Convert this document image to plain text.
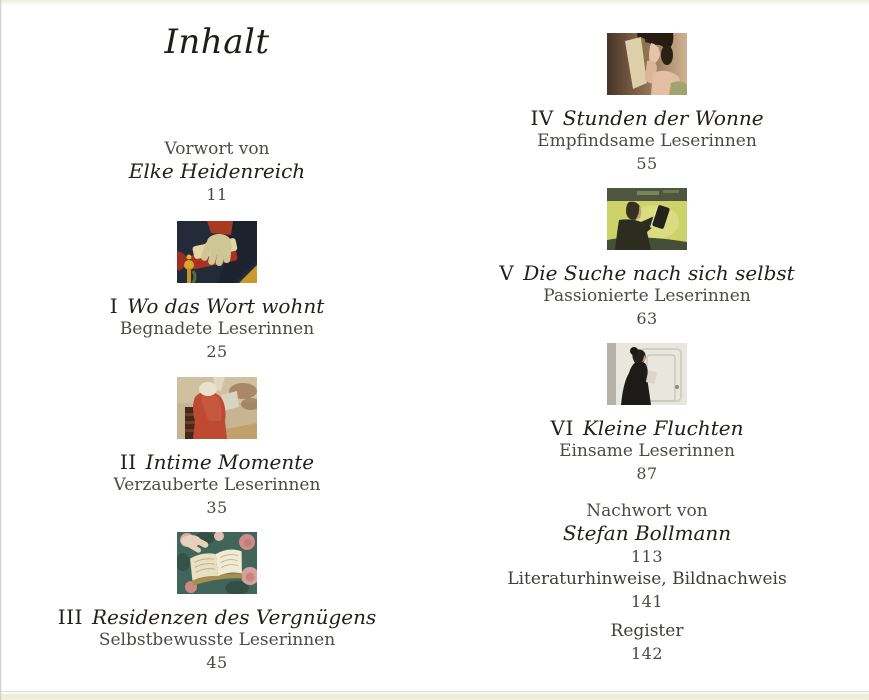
Inhalt
Vorwort von
Elke Heidenreich
11
I Wo das Wort wohnt
Begnadete Leserinnen
25
II Intime Momente
Verzauberte Leserinnen
35
III Residenzen des Vergnügens
Selbstbewusste Leserinnen
45
IV Stunden der Wonne
Empfindsame Leserinnen
55
V Die Suche nach sich selbst
Passionierte Leserinnen
63
VI Kleine Fluchten
Einsame Leserinnen
87
Nachwort von
Stefan Bollmann
113
Literaturhinweise, Bildnachweis
141
Register
142
